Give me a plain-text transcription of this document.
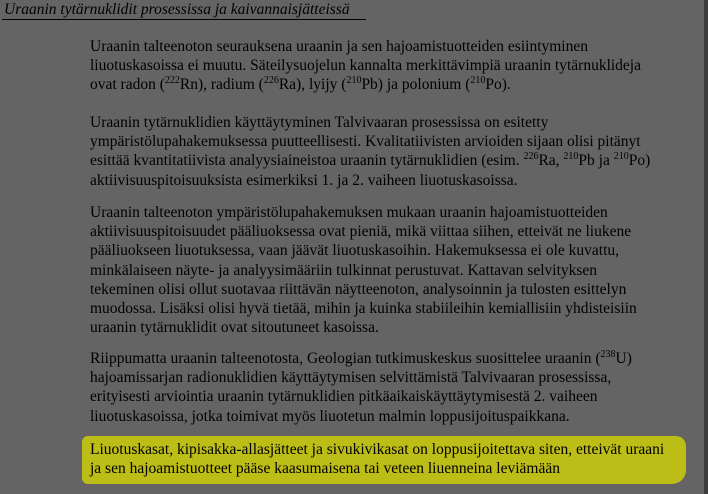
Uraanin tytärnuklidit prosessissa ja kaivannaisjätteissä
Uraanin talteenoton seurauksena uraanin ja sen hajoamistuotteiden esiintyminen
liuotuskasoissa ei muutu. Säteilysuojelun kannalta merkittävimpiä uraanin tytärnuklideja
ovat radon ($^{222}$Rn), radium ($^{226}$Ra), lyijy ($^{210}$Pb) ja polonium ($^{210}$Po).
Uraanin tytärnuklidien käyttäytyminen Talvivaaran prosessissa on esitetty
ympäristölupahakemuksessa puutteellisesti. Kvalitatiivisten arvioiden sijaan olisi pitänyt
esittää kvantitatiivista analyysiaineistoa uraanin tytärnuklidien (esim. $^{226}$Ra, $^{210}$Pb ja $^{210}$Po)
aktiivisuuspitoisuuksista esimerkiksi 1. ja 2. vaiheen liuotuskasoissa.
Uraanin talteenoton ympäristölupahakemuksen mukaan uraanin hajoamistuotteiden
aktiivisuuspitoisuudet pääliuoksessa ovat pieniä, mikä viittaa siihen, etteivät ne liukene
pääliuokseen liuotuksessa, vaan jäävät liuotuskasoihin. Hakemuksessa ei ole kuvattu,
minkälaiseen näyte- ja analyysimääriin tulkinnat perustuvat. Kattavan selvityksen
tekeminen olisi ollut suotavaa riittävän näytteenoton, analysoinnin ja tulosten esittelyn
muodossa. Lisäksi olisi hyvä tietää, mihin ja kuinka stabiileihin kemiallisiin yhdisteisiin
uraanin tytärnuklidit ovat sitoutuneet kasoissa.
Riippumatta uraanin talteenotosta, Geologian tutkimuskeskus suosittelee uraanin ($^{238}$U)
hajoamissarjan radionuklidien käyttäytymisen selvittämistä Talvivaaran prosessissa,
erityisesti arviointia uraanin tytärnuklidien pitkäaikaiskäyttäytymisestä 2. vaiheen
liuotuskasoissa, jotka toimivat myös liuotetun malmin loppusijoituspaikkana.
Liuotuskasat, kipisakka-allasjätteet ja sivukivikasat on loppusijoitettava siten, etteivät uraani
ja sen hajoamistuotteet pääse kaasumaisena tai veteen liuenneina leviämään
